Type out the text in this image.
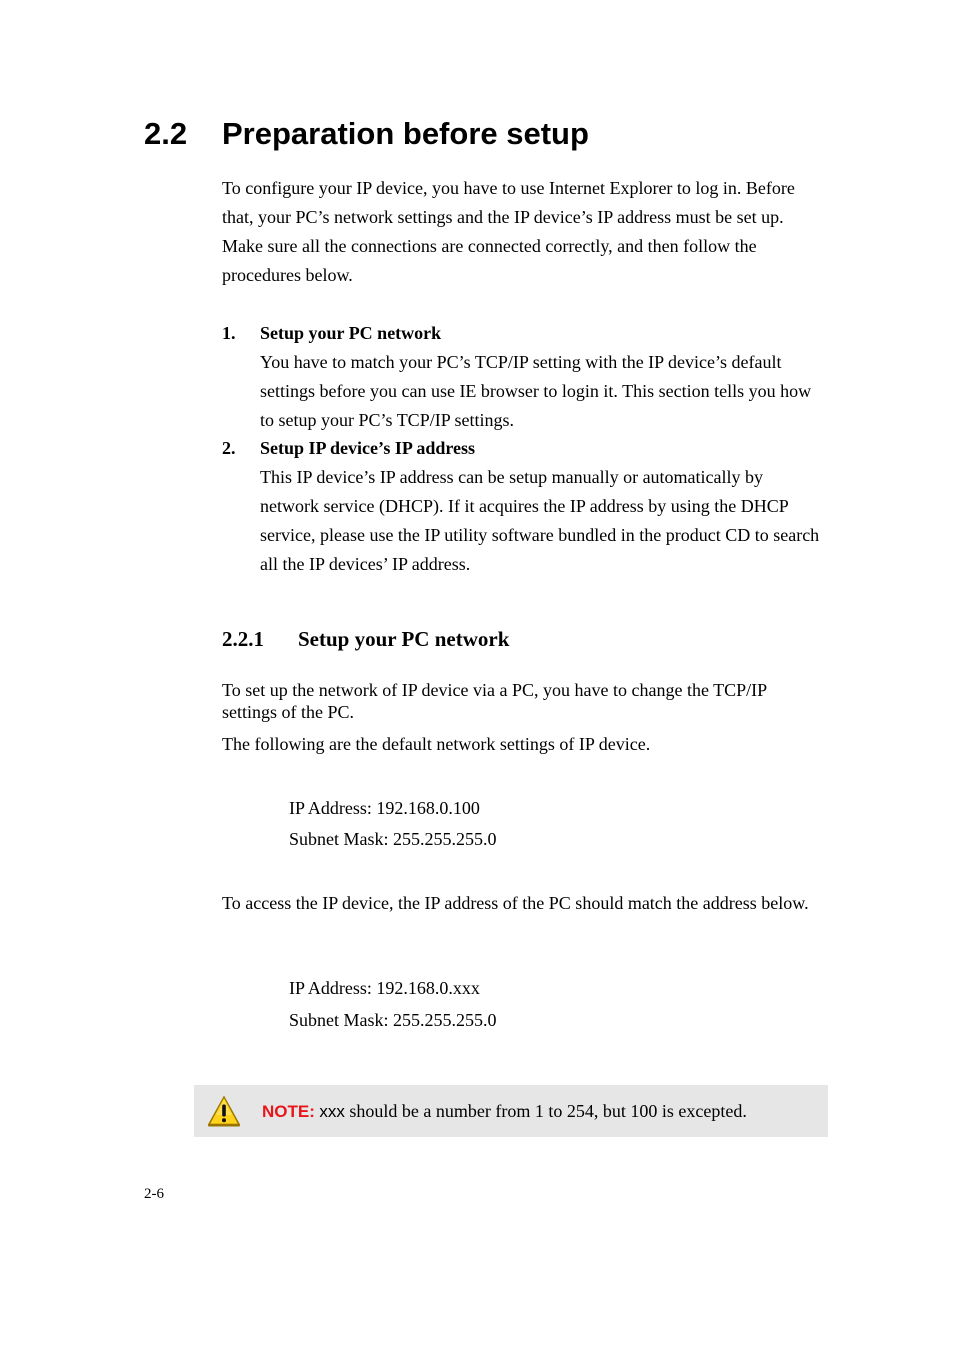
2.2 Preparation before setup
To configure your IP device, you have to use Internet Explorer to log in. Before that, your PC’s network settings and the IP device’s IP address must be set up. Make sure all the connections are connected correctly, and then follow the procedures below.
1. Setup your PC network
You have to match your PC’s TCP/IP setting with the IP device’s default settings before you can use IE browser to login it. This section tells you how to setup your PC’s TCP/IP settings.
2. Setup IP device’s IP address
This IP device’s IP address can be setup manually or automatically by network service (DHCP). If it acquires the IP address by using the DHCP service, please use the IP utility software bundled in the product CD to search all the IP devices’ IP address.
2.2.1 Setup your PC network
To set up the network of IP device via a PC, you have to change the TCP/IP settings of the PC.
The following are the default network settings of IP device.
IP Address: 192.168.0.100
Subnet Mask: 255.255.255.0
To access the IP device, the IP address of the PC should match the address below.
IP Address: 192.168.0.xxx
Subnet Mask: 255.255.255.0
NOTE: xxx should be a number from 1 to 254, but 100 is excepted.
2-6
